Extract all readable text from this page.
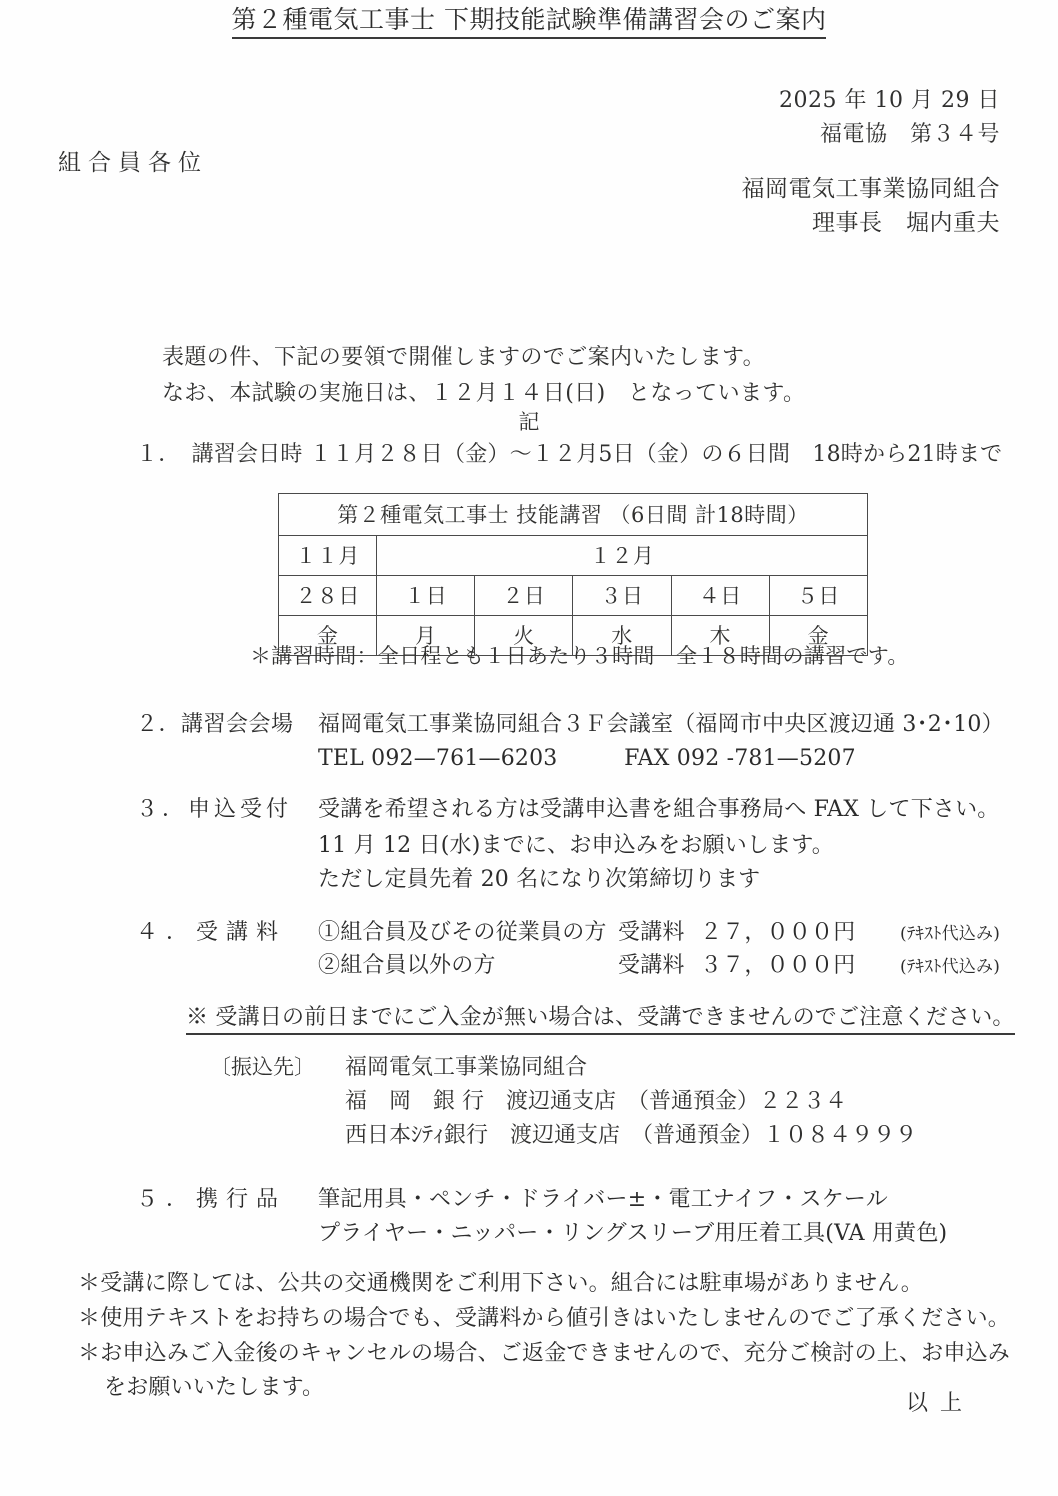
2025 年 10 月 29 日
福電協　第３４号
福岡電気工事業協同組合
理事長　堀内重夫
組合員各位
第２種電気工事士 下期技能試験準備講習会のご案内
表題の件、下記の要領で開催しますのでご案内いたします。
なお、本試験の実施日は、１２月１４日(日)　となっています。
記
１．　講習会日時 １１月２８日（金）～１２月5日（金）の６日間　18時から21時まで
第２種電気工事士 技能講習 （6日間 計18時間）					
１１月	１２月				
２８日	１日	２日	３日	４日	５日
金	月	火	水	木	金
＊講習時間：全日程とも１日あたり３時間　全１８時間の講習です。
２．講習会会場 福岡電気工事業協同組合３Ｆ会議室（福岡市中央区渡辺通 3･2･10）
TEL 092—761—6203　　　FAX 092 -781—5207
３．申込受付 受講を希望される方は受講申込書を組合事務局へ FAX して下さい。
11 月 12 日(水)までに、お申込みをお願いします。
ただし定員先着 20 名になり次第締切ります
４．受講料 ①組合員及びその従業員の方 受講料 ２７，０００円	(ﾃｷｽﾄ代込み)
②組合員以外の方	受講料 ３７，０００円	(ﾃｷｽﾄ代込み)
※ 受講日の前日までにご入金が無い場合は、受講できませんのでご注意ください。
〔振込先〕 福岡電気工事業協同組合
福　岡　銀 行　渡辺通支店　（普通預金）２２３４
西日本ｼﾃｨ銀行　渡辺通支店　（普通預金）１０８４９９９
５．携行品 筆記用具・ペンチ・ドライバー±・電工ナイフ・スケール
プライヤー・ニッパー・リングスリーブ用圧着工具(VA 用黄色)
＊受講に際しては、公共の交通機関をご利用下さい。組合には駐車場がありません。
＊使用テキストをお持ちの場合でも、受講料から値引きはいたしませんのでご了承ください。
＊お申込みご入金後のキャンセルの場合、ご返金できませんので、充分ご検討の上、お申込み
をお願いいたします。
以上
